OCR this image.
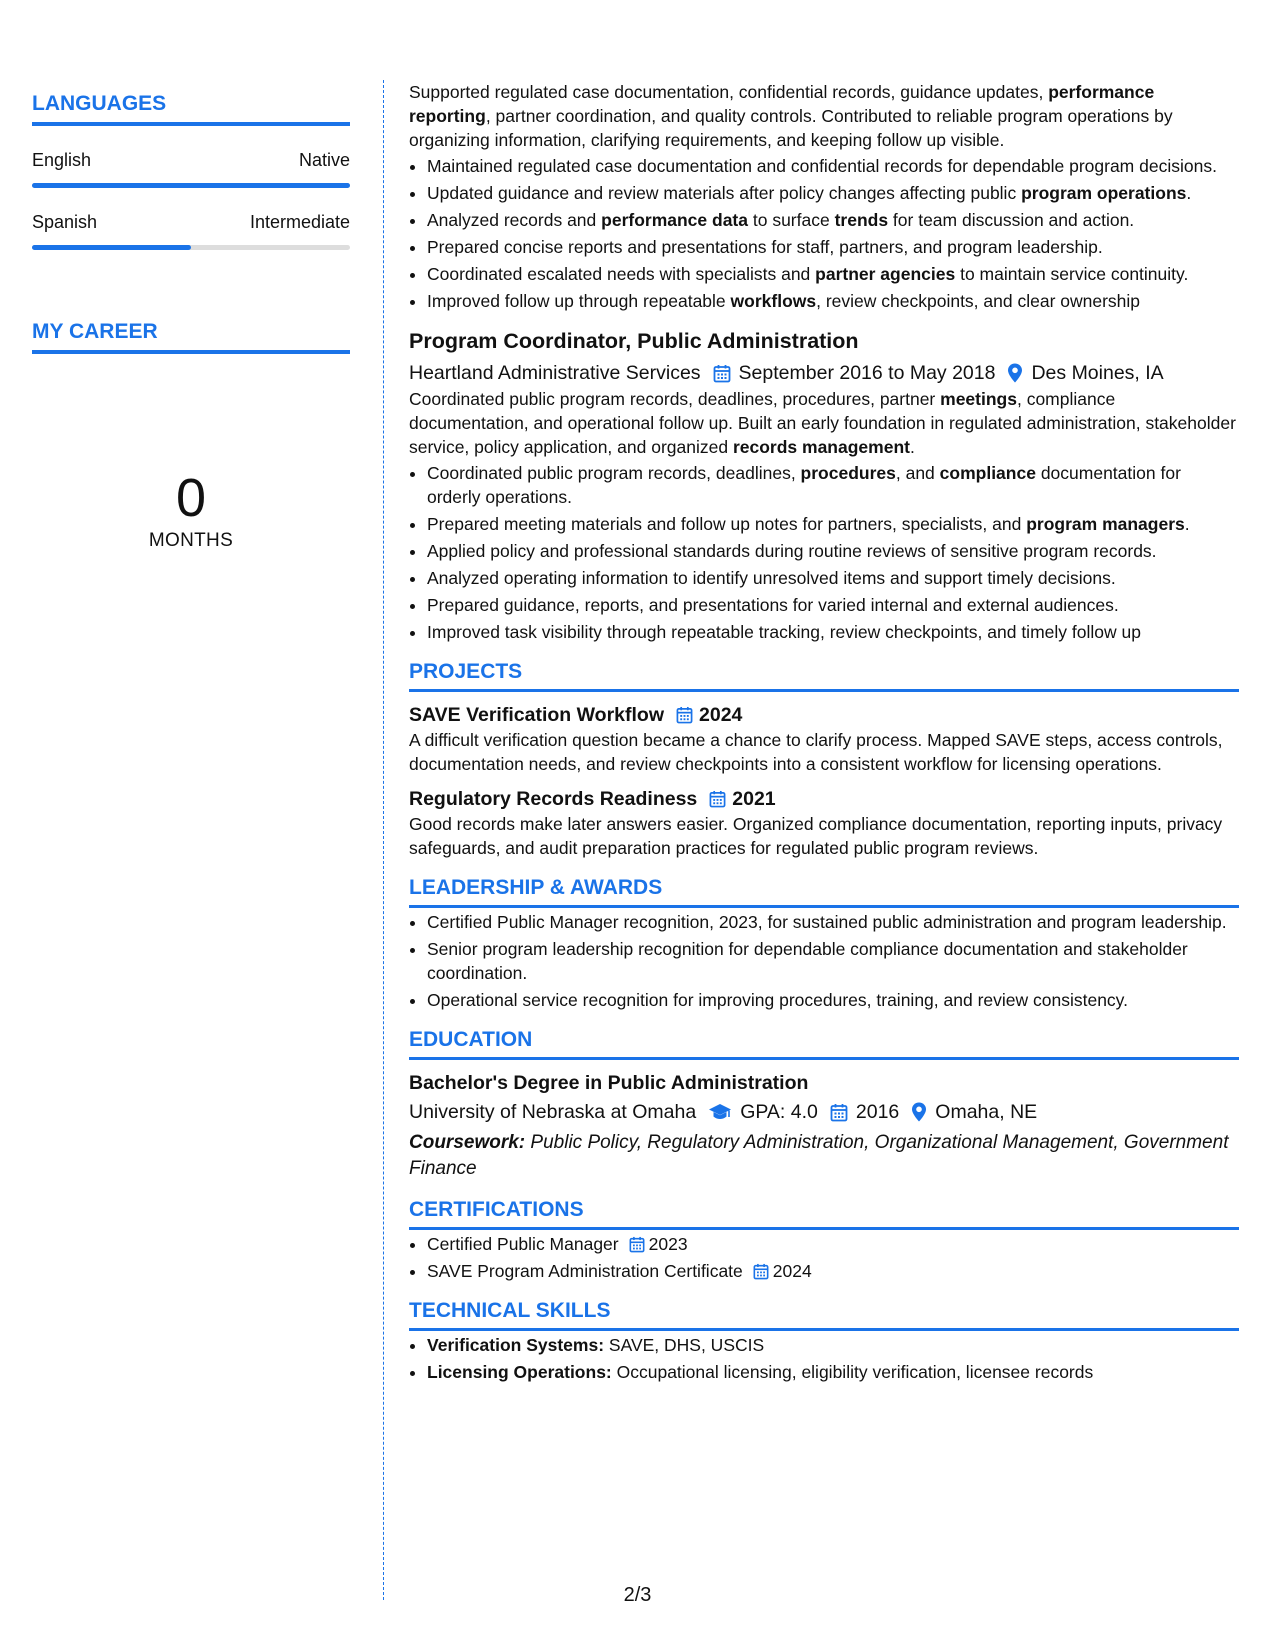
LANGUAGES
English	Native
Spanish	Intermediate
MY CAREER
0
MONTHS

Supported regulated case documentation, confidential records, guidance updates, performance reporting, partner coordination, and quality controls. Contributed to reliable program operations by organizing information, clarifying requirements, and keeping follow up visible.

• Maintained regulated case documentation and confidential records for dependable program decisions.
• Updated guidance and review materials after policy changes affecting public program operations.
• Analyzed records and performance data to surface trends for team discussion and action.
• Prepared concise reports and presentations for staff, partners, and program leadership.
• Coordinated escalated needs with specialists and partner agencies to maintain service continuity.
• Improved follow up through repeatable workflows, review checkpoints, and clear ownership
Program Coordinator, Public Administration
Heartland Administrative Services September 2016 to May 2018 Des Moines, IA

Coordinated public program records, deadlines, procedures, partner meetings, compliance documentation, and operational follow up. Built an early foundation in regulated administration, stakeholder service, policy application, and organized records management.

• Coordinated public program records, deadlines, procedures, and compliance documentation for orderly operations.
• Prepared meeting materials and follow up notes for partners, specialists, and program managers.
• Applied policy and professional standards during routine reviews of sensitive program records.
• Analyzed operating information to identify unresolved items and support timely decisions.
• Prepared guidance, reports, and presentations for varied internal and external audiences.
• Improved task visibility through repeatable tracking, review checkpoints, and timely follow up
PROJECTS
SAVE Verification Workflow 2024

A difficult verification question became a chance to clarify process. Mapped SAVE steps, access controls, documentation needs, and review checkpoints into a consistent workflow for licensing operations.

Regulatory Records Readiness 2021

Good records make later answers easier. Organized compliance documentation, reporting inputs, privacy safeguards, and audit preparation practices for regulated public program reviews.

LEADERSHIP & AWARDS
• Certified Public Manager recognition, 2023, for sustained public administration and program leadership.
• Senior program leadership recognition for dependable compliance documentation and stakeholder coordination.
• Operational service recognition for improving procedures, training, and review consistency.
EDUCATION
Bachelor's Degree in Public Administration
University of Nebraska at Omaha GPA: 4.0 2016 Omaha, NE
Coursework: Public Policy, Regulatory Administration, Organizational Management, Government Finance
CERTIFICATIONS
• Certified Public Manager 2023
• SAVE Program Administration Certificate 2024
TECHNICAL SKILLS
• Verification Systems: SAVE, DHS, USCIS
• Licensing Operations: Occupational licensing, eligibility verification, licensee records
2/3
